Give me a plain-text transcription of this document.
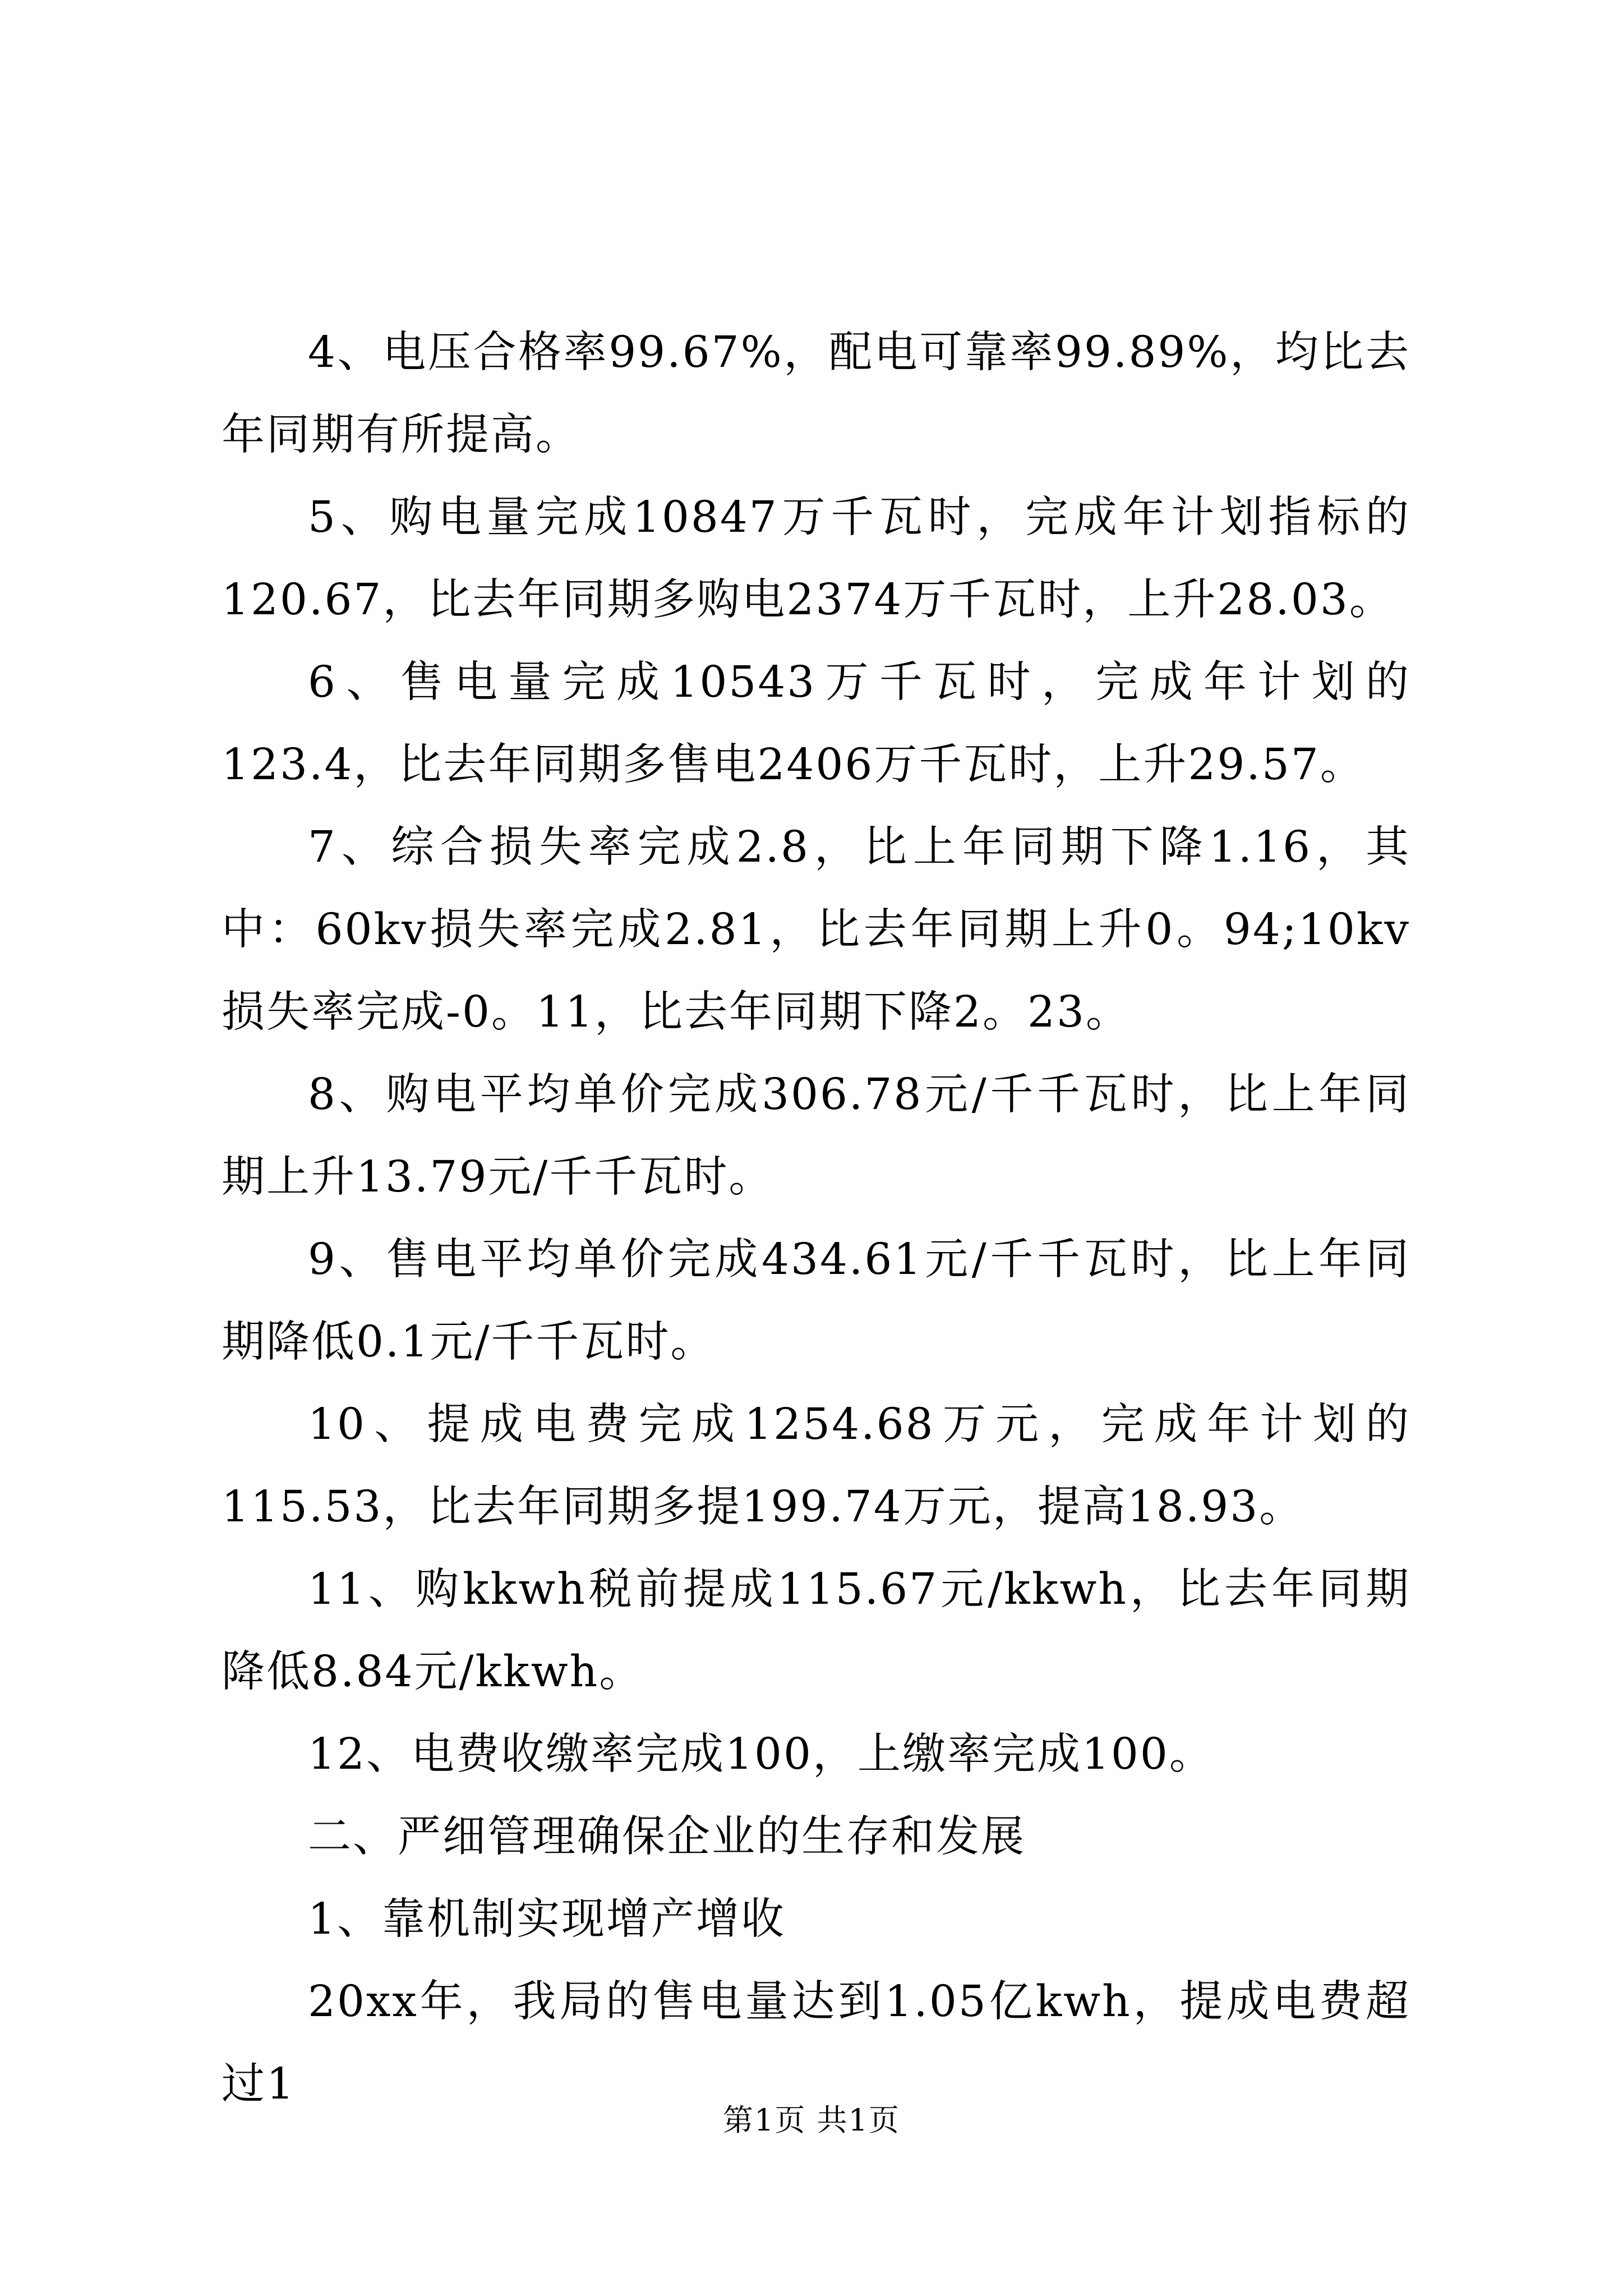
4、电压合格率99.67%，配电可靠率99.89%，均比去年同期有所提高。

5、购电量完成10847万千瓦时，完成年计划指标的120.67，比去年同期多购电2374万千瓦时，上升28.03。

6、售电量完成10543万千瓦时，完成年计划的123.4，比去年同期多售电2406万千瓦时，上升29.57。

7、综合损失率完成2.8，比上年同期下降1.16，其中：60kv损失率完成2.81，比去年同期上升0。94;10kv损失率完成-0。11，比去年同期下降2。23。

8、购电平均单价完成306.78元/千千瓦时，比上年同期上升13.79元/千千瓦时。

9、售电平均单价完成434.61元/千千瓦时，比上年同期降低0.1元/千千瓦时。

10、提成电费完成1254.68万元，完成年计划的115.53，比去年同期多提199.74万元，提高18.93。

11、购kkwh税前提成115.67元/kkwh，比去年同期降低8.84元/kkwh。

12、电费收缴率完成100，上缴率完成100。

二、严细管理确保企业的生存和发展

1、靠机制实现增产增收

20xx年，我局的售电量达到1.05亿kwh，提成电费超过1

第1页 共1页
